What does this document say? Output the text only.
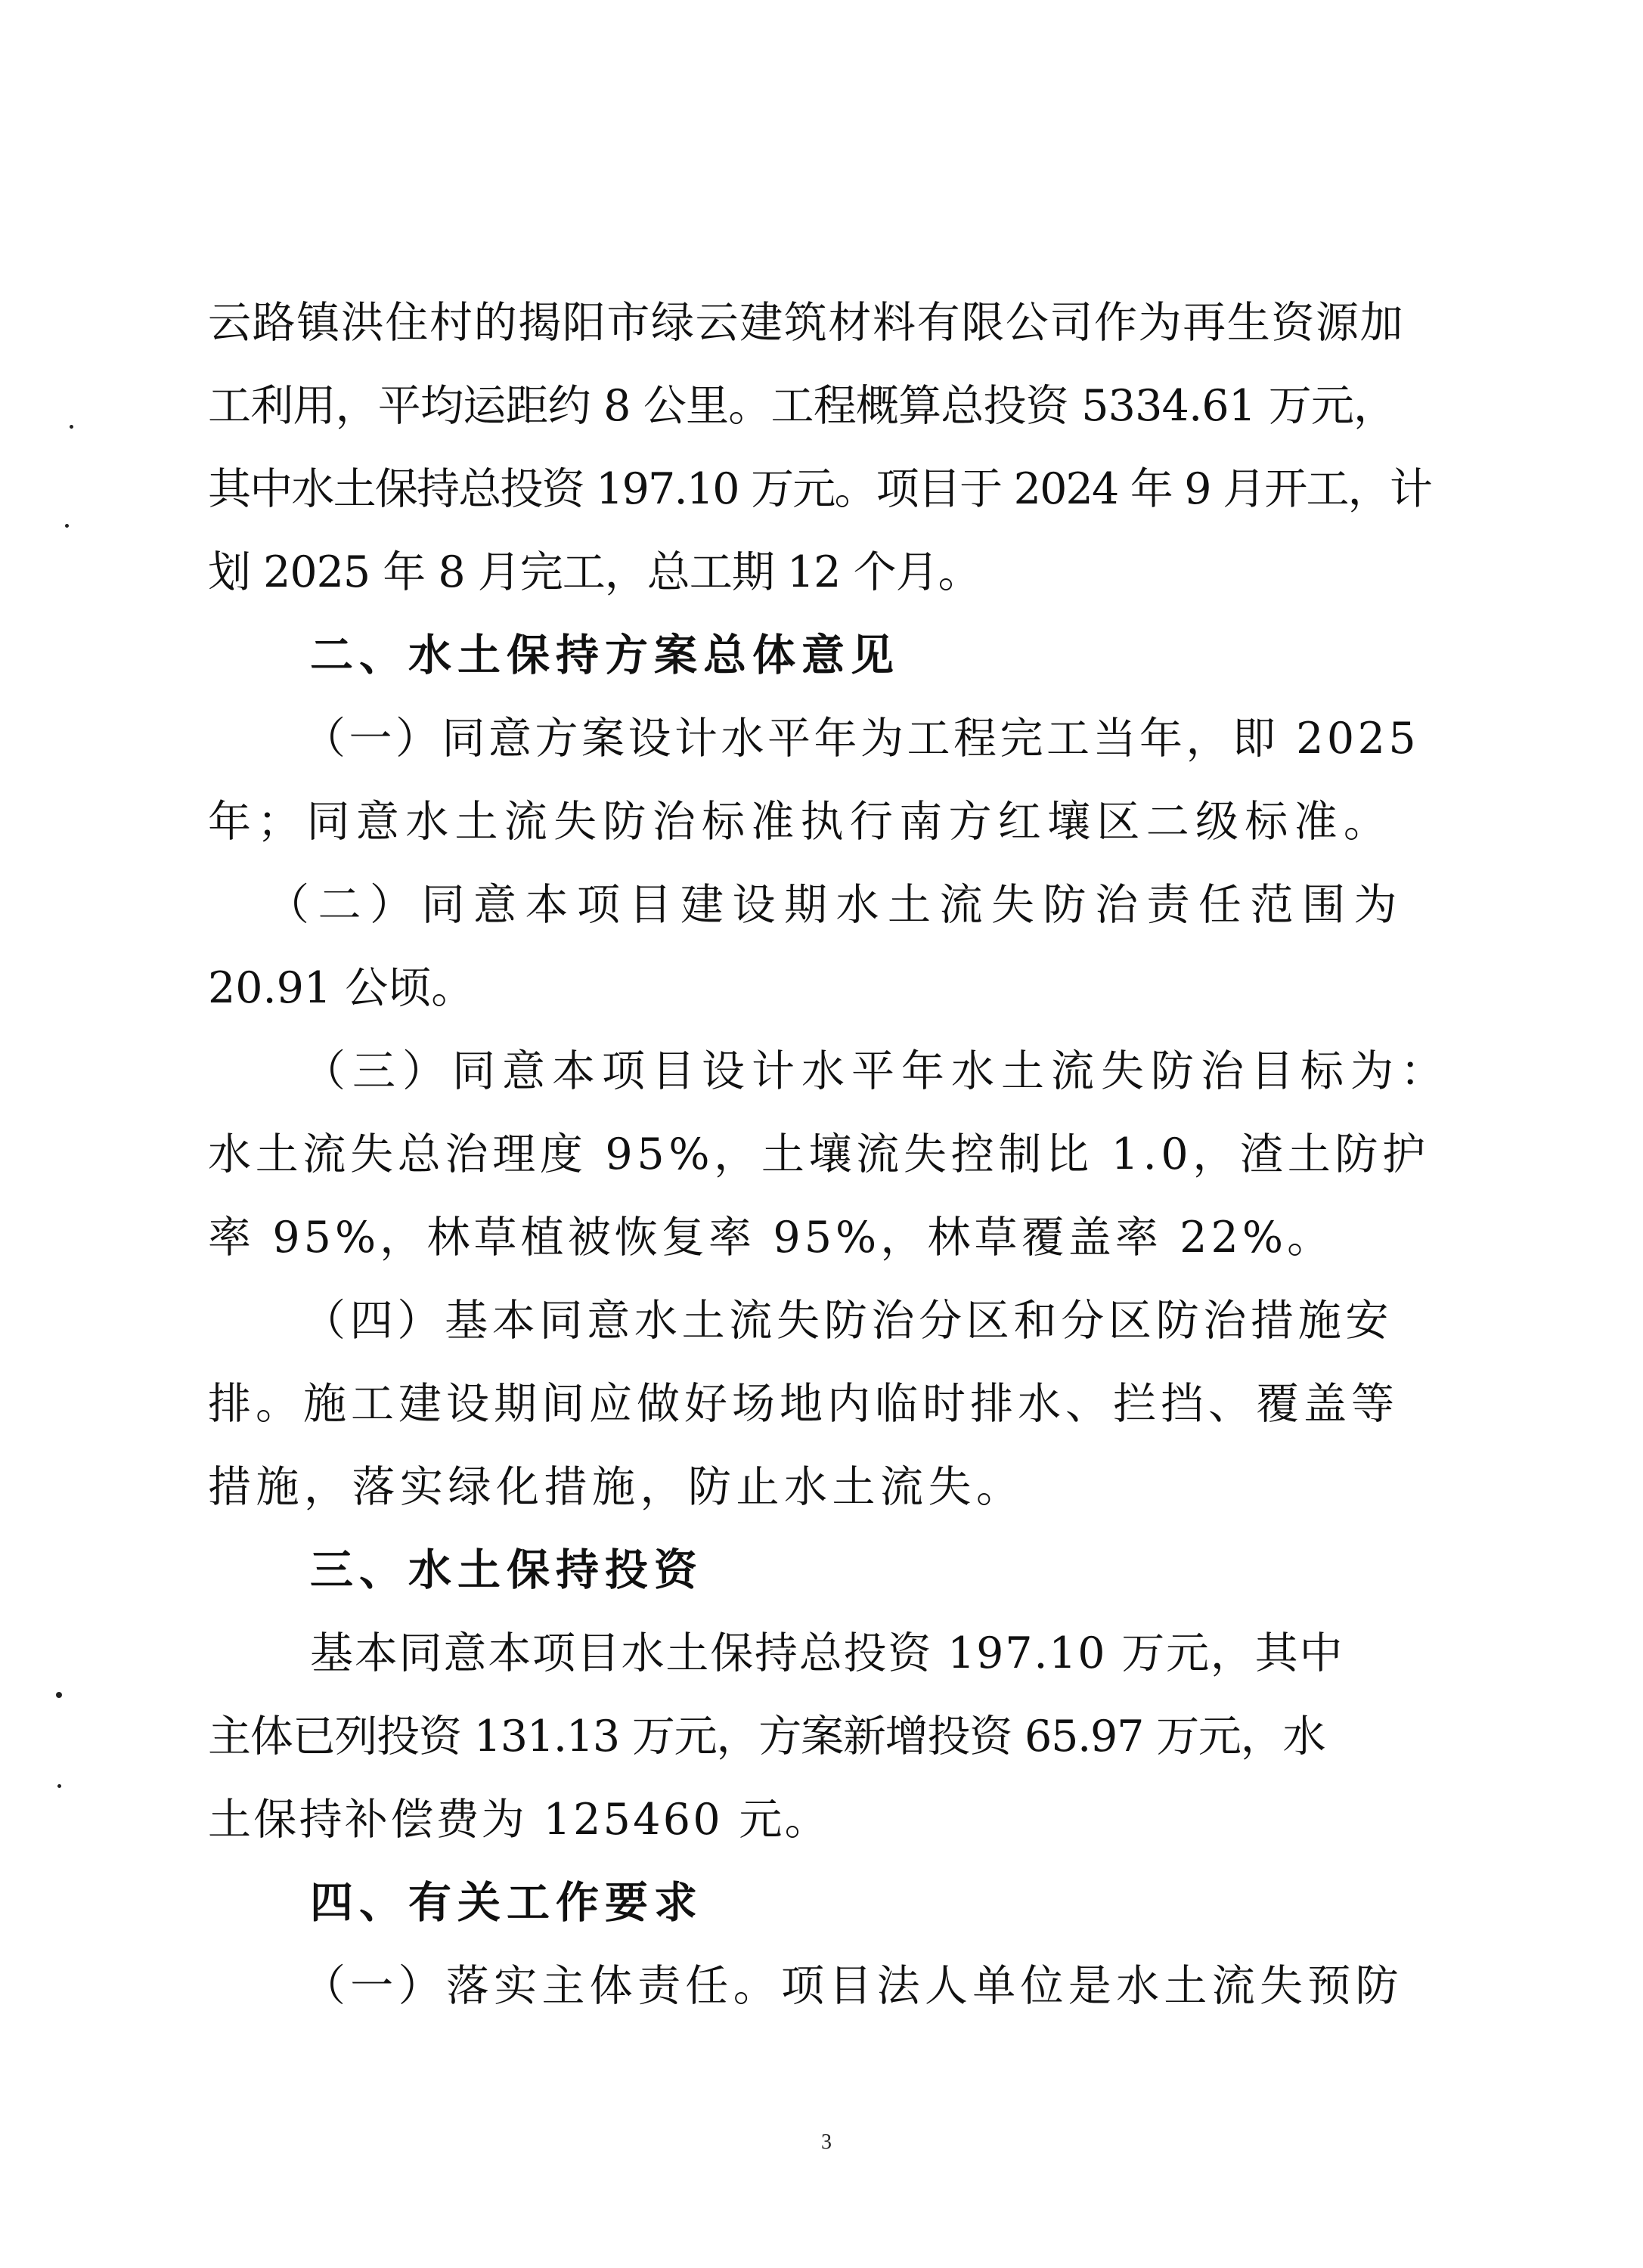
云路镇洪住村的揭阳市绿云建筑材料有限公司作为再生资源加
工利用，平均运距约 8 公里。工程概算总投资 5334.61 万元，
其中水土保持总投资 197.10 万元。项目于 2024 年 9 月开工，计
划 2025 年 8 月完工，总工期 12 个月。
二、水土保持方案总体意见
（一）同意方案设计水平年为工程完工当年，即 2025
年；同意水土流失防治标准执行南方红壤区二级标准。
（二）同意本项目建设期水土流失防治责任范围为
20.91 公顷。
（三）同意本项目设计水平年水土流失防治目标为：
水土流失总治理度 95%，土壤流失控制比 1.0，渣土防护
率 95%，林草植被恢复率 95%，林草覆盖率 22%。
（四）基本同意水土流失防治分区和分区防治措施安
排。施工建设期间应做好场地内临时排水、拦挡、覆盖等
措施，落实绿化措施，防止水土流失。
三、水土保持投资
基本同意本项目水土保持总投资 197.10 万元，其中
主体已列投资 131.13 万元，方案新增投资 65.97 万元，水
土保持补偿费为 125460 元。
四、有关工作要求
（一）落实主体责任。项目法人单位是水土流失预防
3
